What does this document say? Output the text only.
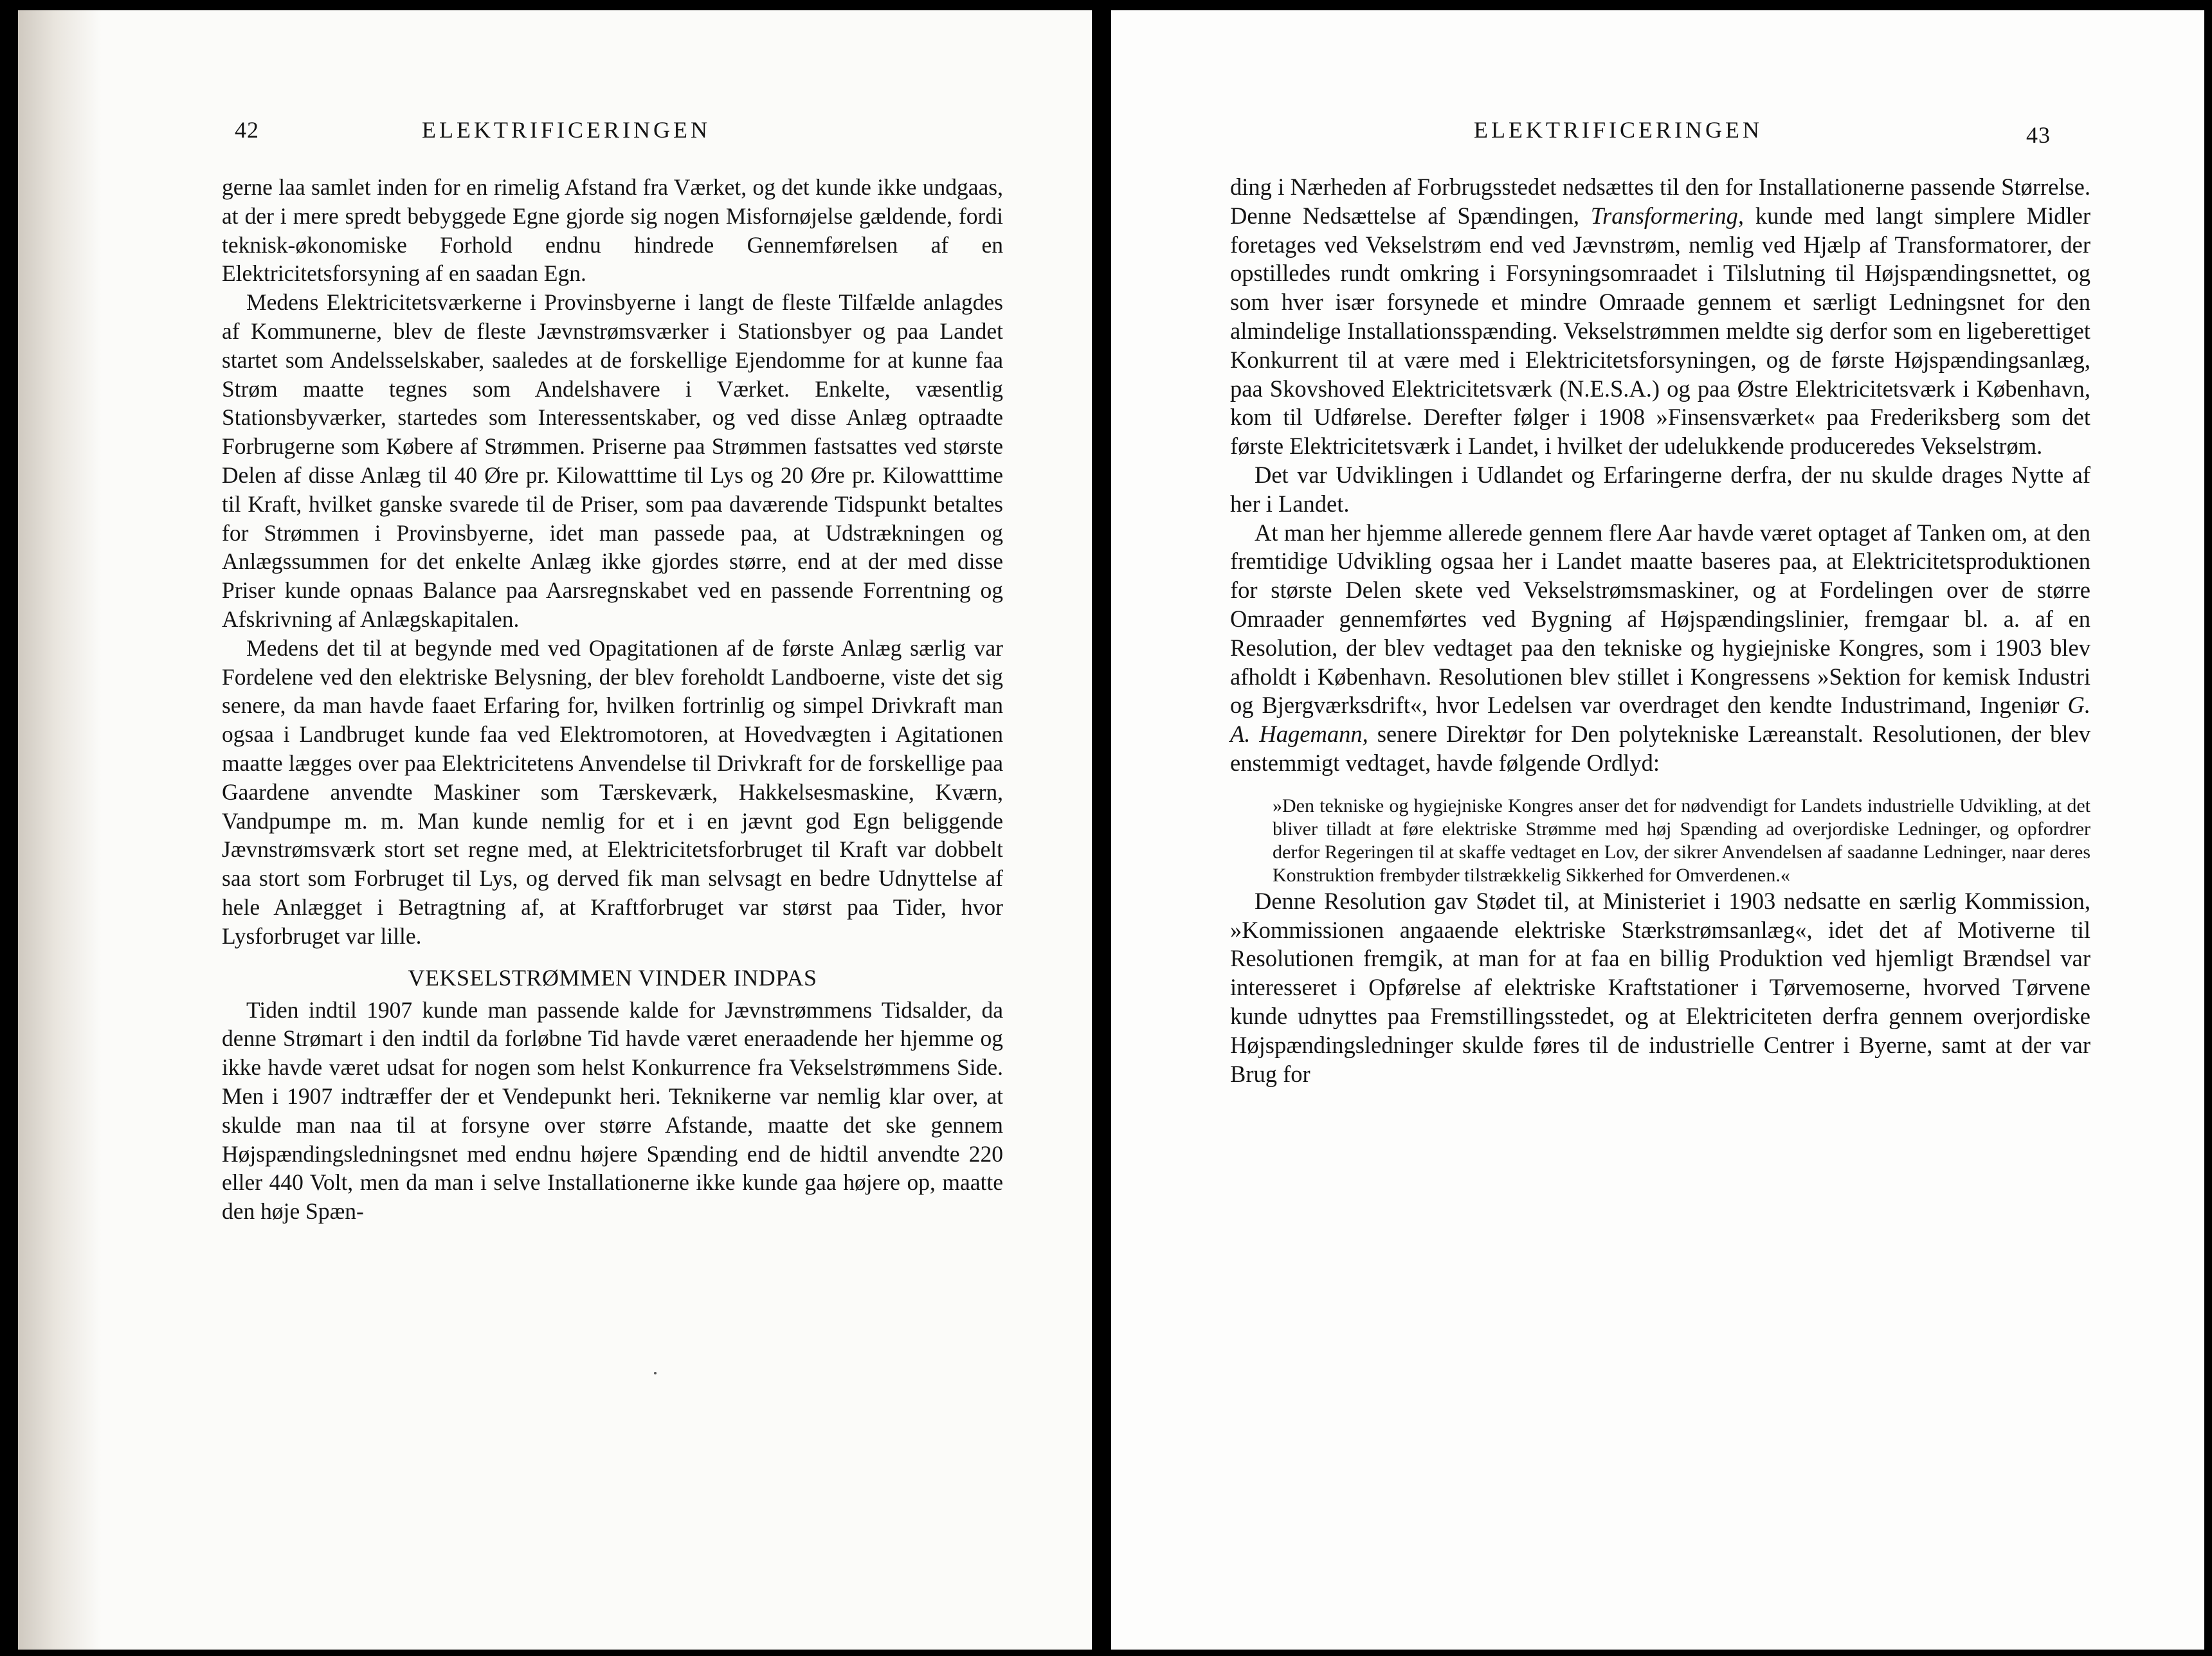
42	ELEKTRIFICERINGEN

gerne laa samlet inden for en rimelig Afstand fra Værket, og det kunde ikke undgaas, at der i mere spredt bebyggede Egne gjorde sig nogen Misfornøjelse gældende, fordi teknisk-økonomiske Forhold endnu hindrede Gennemførelsen af en Elektricitetsforsyning af en saadan Egn.

Medens Elektricitetsværkerne i Provinsbyerne i langt de fleste Tilfælde anlagdes af Kommunerne, blev de fleste Jævnstrømsværker i Stationsbyer og paa Landet startet som Andelsselskaber, saaledes at de forskellige Ejendomme for at kunne faa Strøm maatte tegnes som Andelshavere i Værket. Enkelte, væsentlig Stationsbyværker, startedes som Interessentskaber, og ved disse Anlæg optraadte Forbrugerne som Købere af Strømmen. Priserne paa Strømmen fastsattes ved største Delen af disse Anlæg til 40 Øre pr. Kilowatttime til Lys og 20 Øre pr. Kilowatttime til Kraft, hvilket ganske svarede til de Priser, som paa daværende Tidspunkt betaltes for Strømmen i Provinsbyerne, idet man passede paa, at Udstrækningen og Anlægssummen for det enkelte Anlæg ikke gjordes større, end at der med disse Priser kunde opnaas Balance paa Aarsregnskabet ved en passende Forrentning og Afskrivning af Anlægskapitalen.

Medens det til at begynde med ved Opagitationen af de første Anlæg særlig var Fordelene ved den elektriske Belysning, der blev foreholdt Landboerne, viste det sig senere, da man havde faaet Erfaring for, hvilken fortrinlig og simpel Drivkraft man ogsaa i Landbruget kunde faa ved Elektromotoren, at Hovedvægten i Agitationen maatte lægges over paa Elektricitetens Anvendelse til Drivkraft for de forskellige paa Gaardene anvendte Maskiner som Tærskeværk, Hakkelsesmaskine, Kværn, Vandpumpe m. m. Man kunde nemlig for et i en jævnt god Egn beliggende Jævnstrømsværk stort set regne med, at Elektricitetsforbruget til Kraft var dobbelt saa stort som Forbruget til Lys, og derved fik man selvsagt en bedre Udnyttelse af hele Anlægget i Betragtning af, at Kraftforbruget var størst paa Tider, hvor Lysforbruget var lille.

VEKSELSTRØMMEN VINDER INDPAS

Tiden indtil 1907 kunde man passende kalde for Jævnstrømmens Tidsalder, da denne Strømart i den indtil da forløbne Tid havde været eneraadende her hjemme og ikke havde været udsat for nogen som helst Konkurrence fra Vekselstrømmens Side. Men i 1907 indtræffer der et Vendepunkt heri. Teknikerne var nemlig klar over, at skulde man naa til at forsyne over større Afstande, maatte det ske gennem Højspændingsledningsnet med endnu højere Spænding end de hidtil anvendte 220 eller 440 Volt, men da man i selve Installationerne ikke kunde gaa højere op, maatte den høje Spæn-

ELEKTRIFICERINGEN	43

ding i Nærheden af Forbrugsstedet nedsættes til den for Installationerne passende Størrelse. Denne Nedsættelse af Spændingen, Transformering, kunde med langt simplere Midler foretages ved Vekselstrøm end ved Jævnstrøm, nemlig ved Hjælp af Transformatorer, der opstilledes rundt omkring i Forsyningsomraadet i Tilslutning til Højspændingsnettet, og som hver især forsynede et mindre Omraade gennem et særligt Ledningsnet for den almindelige Installationsspænding. Vekselstrømmen meldte sig derfor som en ligeberettiget Konkurrent til at være med i Elektricitetsforsyningen, og de første Højspændingsanlæg, paa Skovshoved Elektricitetsværk (N.E.S.A.) og paa Østre Elektricitetsværk i København, kom til Udførelse. Derefter følger i 1908 »Finsensværket« paa Frederiksberg som det første Elektricitetsværk i Landet, i hvilket der udelukkende produceredes Vekselstrøm.

Det var Udviklingen i Udlandet og Erfaringerne derfra, der nu skulde drages Nytte af her i Landet.

At man her hjemme allerede gennem flere Aar havde været optaget af Tanken om, at den fremtidige Udvikling ogsaa her i Landet maatte baseres paa, at Elektricitetsproduktionen for største Delen skete ved Vekselstrømsmaskiner, og at Fordelingen over de større Omraader gennemførtes ved Bygning af Højspændingslinier, fremgaar bl. a. af en Resolution, der blev vedtaget paa den tekniske og hygiejniske Kongres, som i 1903 blev afholdt i København. Resolutionen blev stillet i Kongressens »Sektion for kemisk Industri og Bjergværksdrift«, hvor Ledelsen var overdraget den kendte Industrimand, Ingeniør G. A. Hagemann, senere Direktør for Den polytekniske Læreanstalt. Resolutionen, der blev enstemmigt vedtaget, havde følgende Ordlyd:

»Den tekniske og hygiejniske Kongres anser det for nødvendigt for Landets industrielle Udvikling, at det bliver tilladt at føre elektriske Strømme med høj Spænding ad overjordiske Ledninger, og opfordrer derfor Regeringen til at skaffe vedtaget en Lov, der sikrer Anvendelsen af saadanne Ledninger, naar deres Konstruktion frembyder tilstrækkelig Sikkerhed for Omverdenen.«

Denne Resolution gav Stødet til, at Ministeriet i 1903 nedsatte en særlig Kommission, »Kommissionen angaaende elektriske Stærkstrømsanlæg«, idet det af Motiverne til Resolutionen fremgik, at man for at faa en billig Produktion ved hjemligt Brændsel var interesseret i Opførelse af elektriske Kraftstationer i Tørvemoserne, hvorved Tørvene kunde udnyttes paa Fremstillingsstedet, og at Elektriciteten derfra gennem overjordiske Højspændingsledninger skulde føres til de industrielle Centrer i Byerne, samt at der var Brug for
